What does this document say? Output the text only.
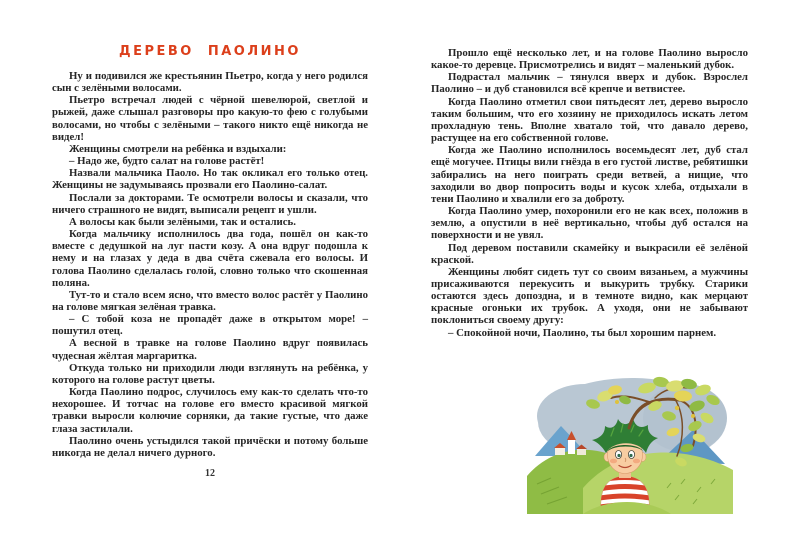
ДЕРЕВО ПАОЛИНО

Ну и подивился же крестьянин Пьетро, когда у него родился сын с зелёными волосами.

Пьетро встречал людей с чёрной шевелюрой, светлой и рыжей, даже слышал разговоры про какую-то фею с голубыми волосами, но чтобы с зелёными – такого никто ещё никогда не видел!

Женщины смотрели на ребёнка и вздыхали:

– Надо же, будто салат на голове растёт!

Назвали мальчика Паоло. Но так окликал его только отец. Женщины не задумываясь прозвали его Паолино-салат.

Послали за докторами. Те осмотрели волосы и сказали, что ничего страшного не видят, выписали рецепт и ушли.

А волосы как были зелёными, так и остались.

Когда мальчику исполнилось два года, пошёл он как-то вместе с дедушкой на луг пасти козу. А она вдруг подошла к нему и на глазах у деда в два счёта сжевала его волосы. И голова Паолино сделалась голой, словно только что скошенная поляна.

Тут-то и стало всем ясно, что вместо волос растёт у Паолино на голове мягкая зелёная травка.

– С тобой коза не пропадёт даже в открытом море! – пошутил отец.

А весной в травке на голове Паолино вдруг появилась чудесная жёлтая маргаритка.

Откуда только ни приходили люди взглянуть на ребёнка, у которого на голове растут цветы.

Когда Паолино подрос, случилось ему как-то сделать что-то нехорошее. И тотчас на голове его вместо красивой мягкой травки выросли колючие сорняки, да такие густые, что даже глаза застилали.

Паолино очень устыдился такой причёски и потому больше никогда не делал ничего дурного.

12

Прошло ещё несколько лет, и на голове Паолино выросло какое-то деревце. Присмотрелись и видят – маленький дубок.

Подрастал мальчик – тянулся вверх и дубок. Взрослел Паолино – и дуб становился всё крепче и ветвистее.

Когда Паолино отметил свои пятьдесят лет, дерево выросло таким большим, что его хозяину не приходилось искать летом прохладную тень. Вполне хватало той, что давало дерево, растущее на его собственной голове.

Когда же Паолино исполнилось восемьдесят лет, дуб стал ещё могучее. Птицы вили гнёзда в его густой листве, ребятишки забирались на него поиграть среди ветвей, а нищие, что заходили во двор попросить воды и кусок хлеба, отдыхали в тени Паолино и хвалили его за доброту.

Когда Паолино умер, похоронили его не как всех, положив в землю, а опустили в неё вертикально, чтобы дуб остался на поверхности и не увял.

Под деревом поставили скамейку и выкрасили её зелёной краской.

Женщины любят сидеть тут со своим вязаньем, а мужчины присаживаются перекусить и выкурить трубку. Старики остаются здесь допоздна, и в темноте видно, как мерцают красные огоньки их трубок. А уходя, они не забывают поклониться своему другу:

– Спокойной ночи, Паолино, ты был хорошим парнем.
